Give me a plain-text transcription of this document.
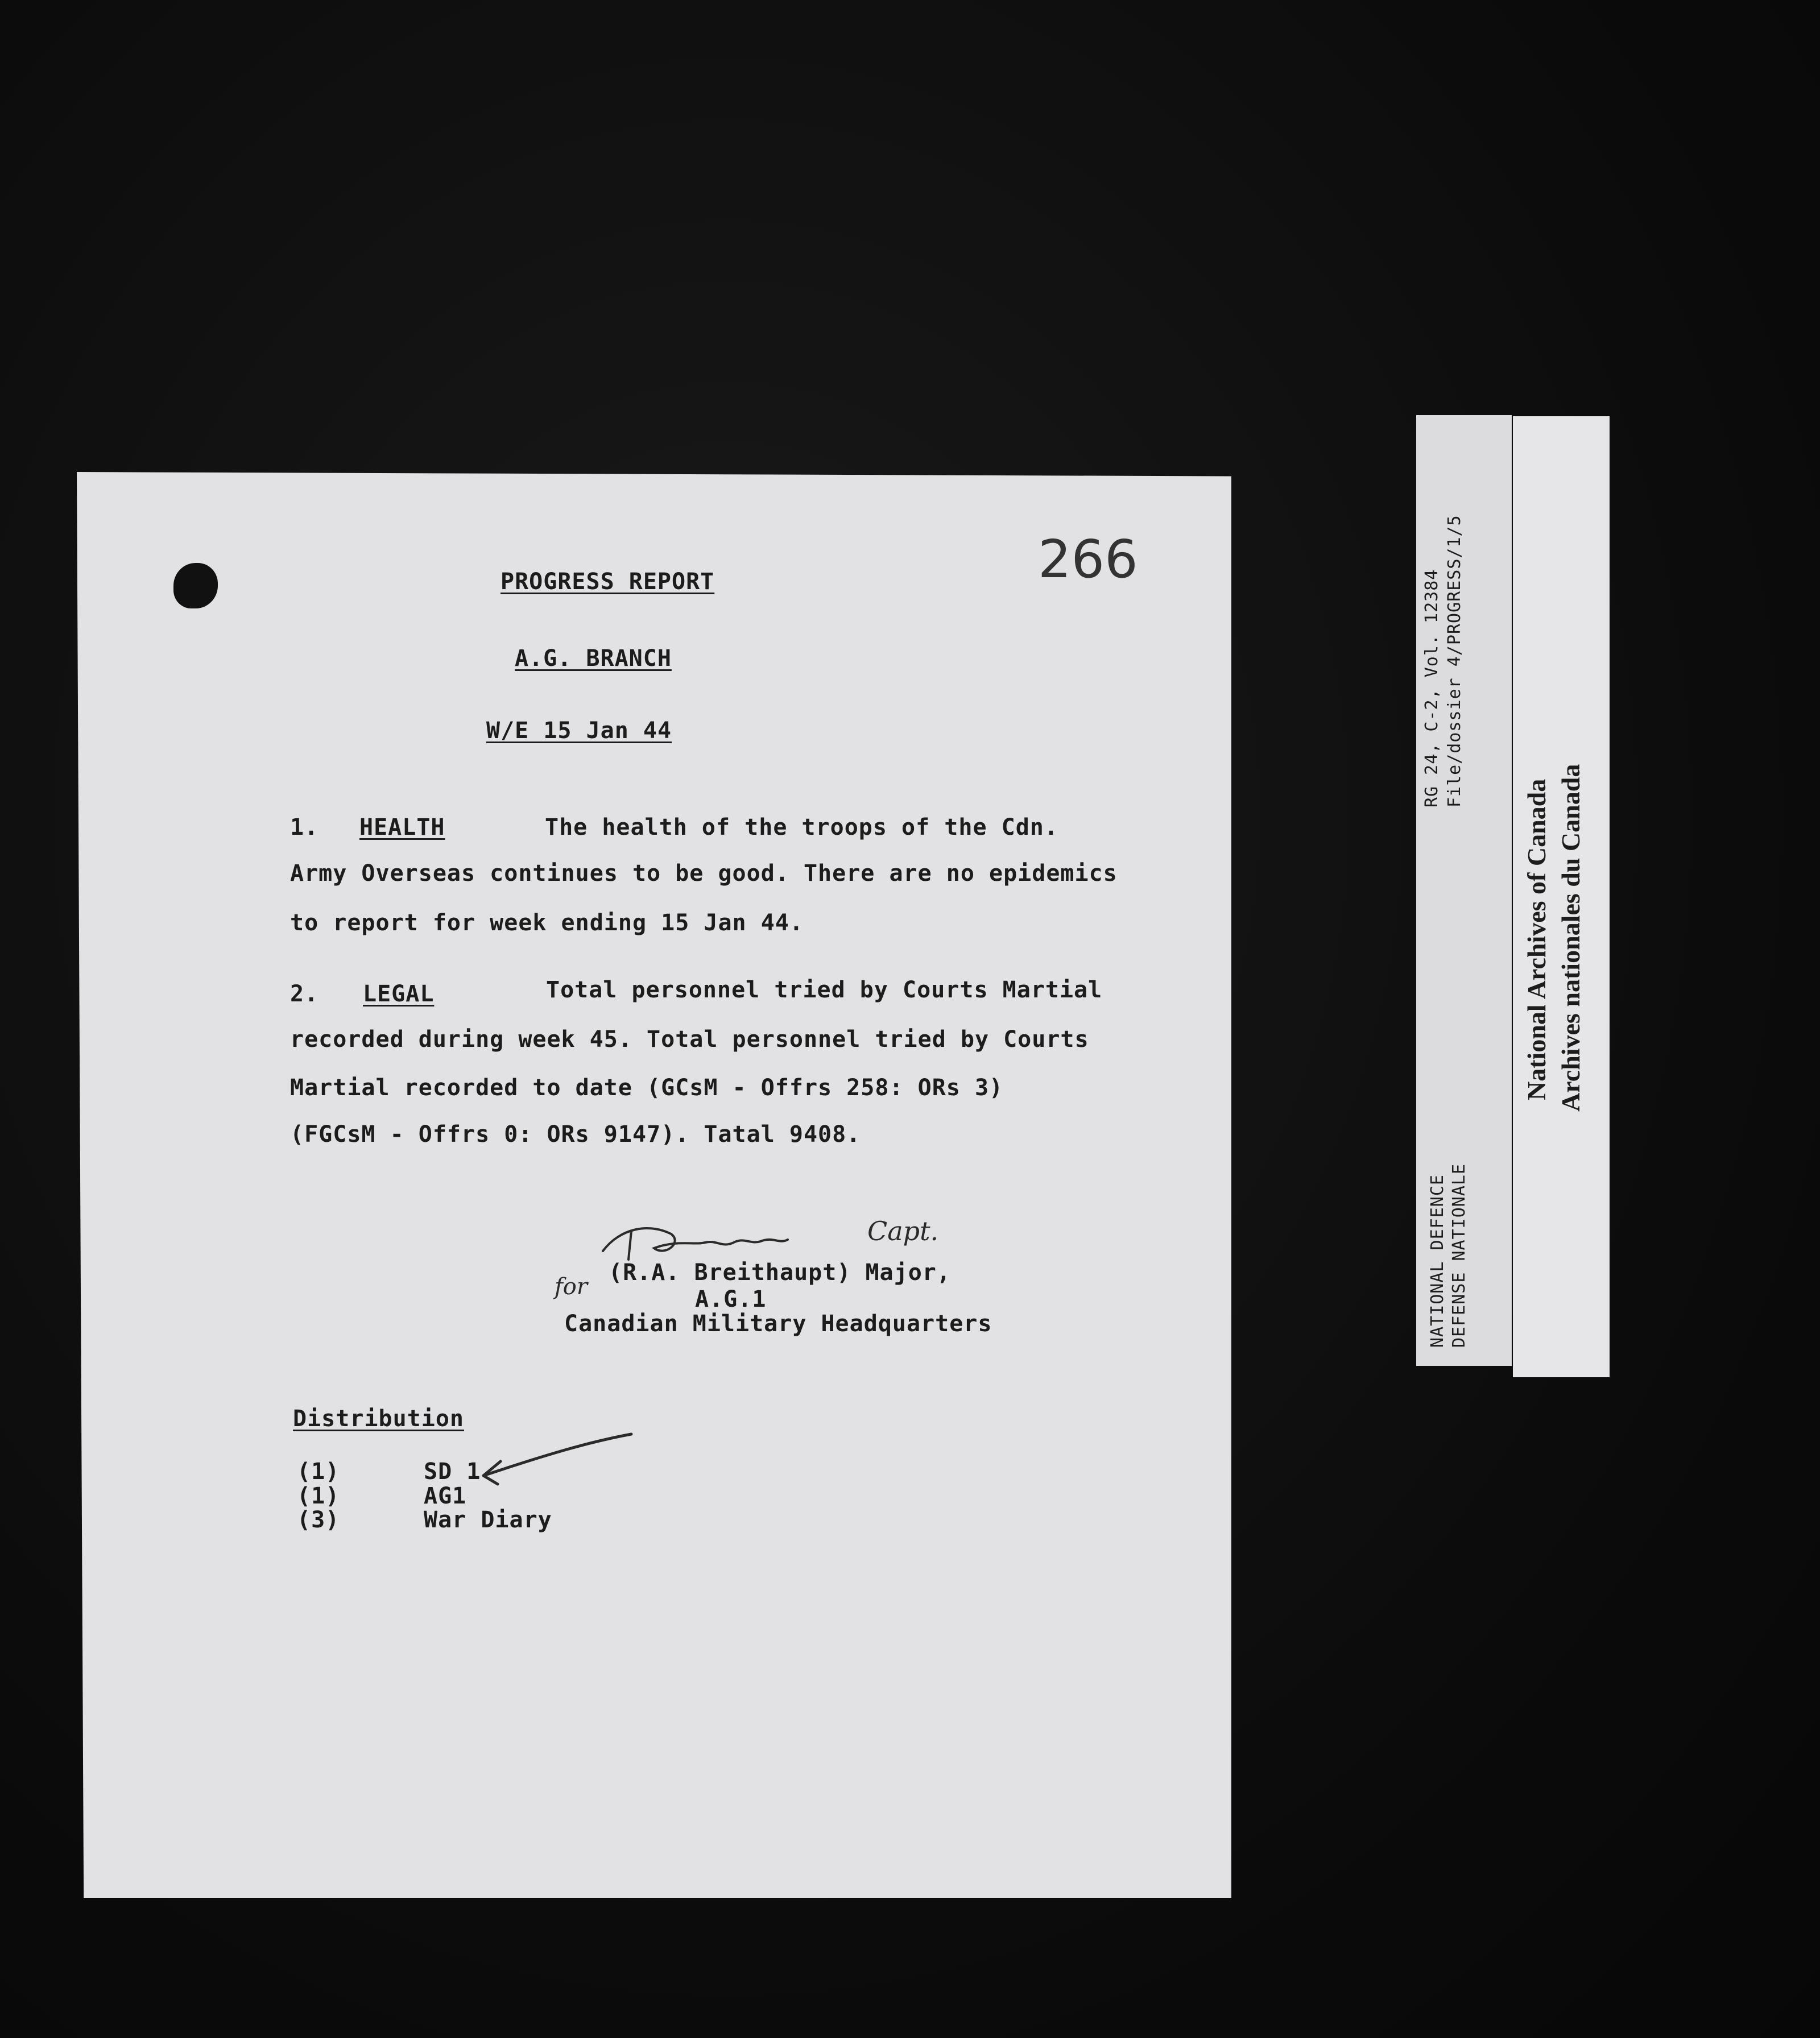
266
PROGRESS REPORT
A.G. BRANCH
W/E 15 Jan 44
1. HEALTH	The health of the troops of the Cdn.
Army Overseas continues to be good. There are no epidemics
to report for week ending 15 Jan 44.
2. LEGAL	Total personnel tried by Courts Martial
recorded during week 45. Total personnel tried by Courts
Martial recorded to date (GCsM - Offrs 258: ORs 3)
(FGCsM - Offrs 0: ORs 9147). Tatal 9408.
Capt.
for
(R.A. Breithaupt) Major,
A.G.1
Canadian Military Headquarters
Distribution
(1)	SD 1
(1)	AG1
(3)	War Diary
RG 24, C-2, Vol. 12384 File/dossier 4/PROGRESS/1/5
NATIONAL DEFENCE DEFENSE NATIONALE
National Archives of Canada Archives nationales du Canada
